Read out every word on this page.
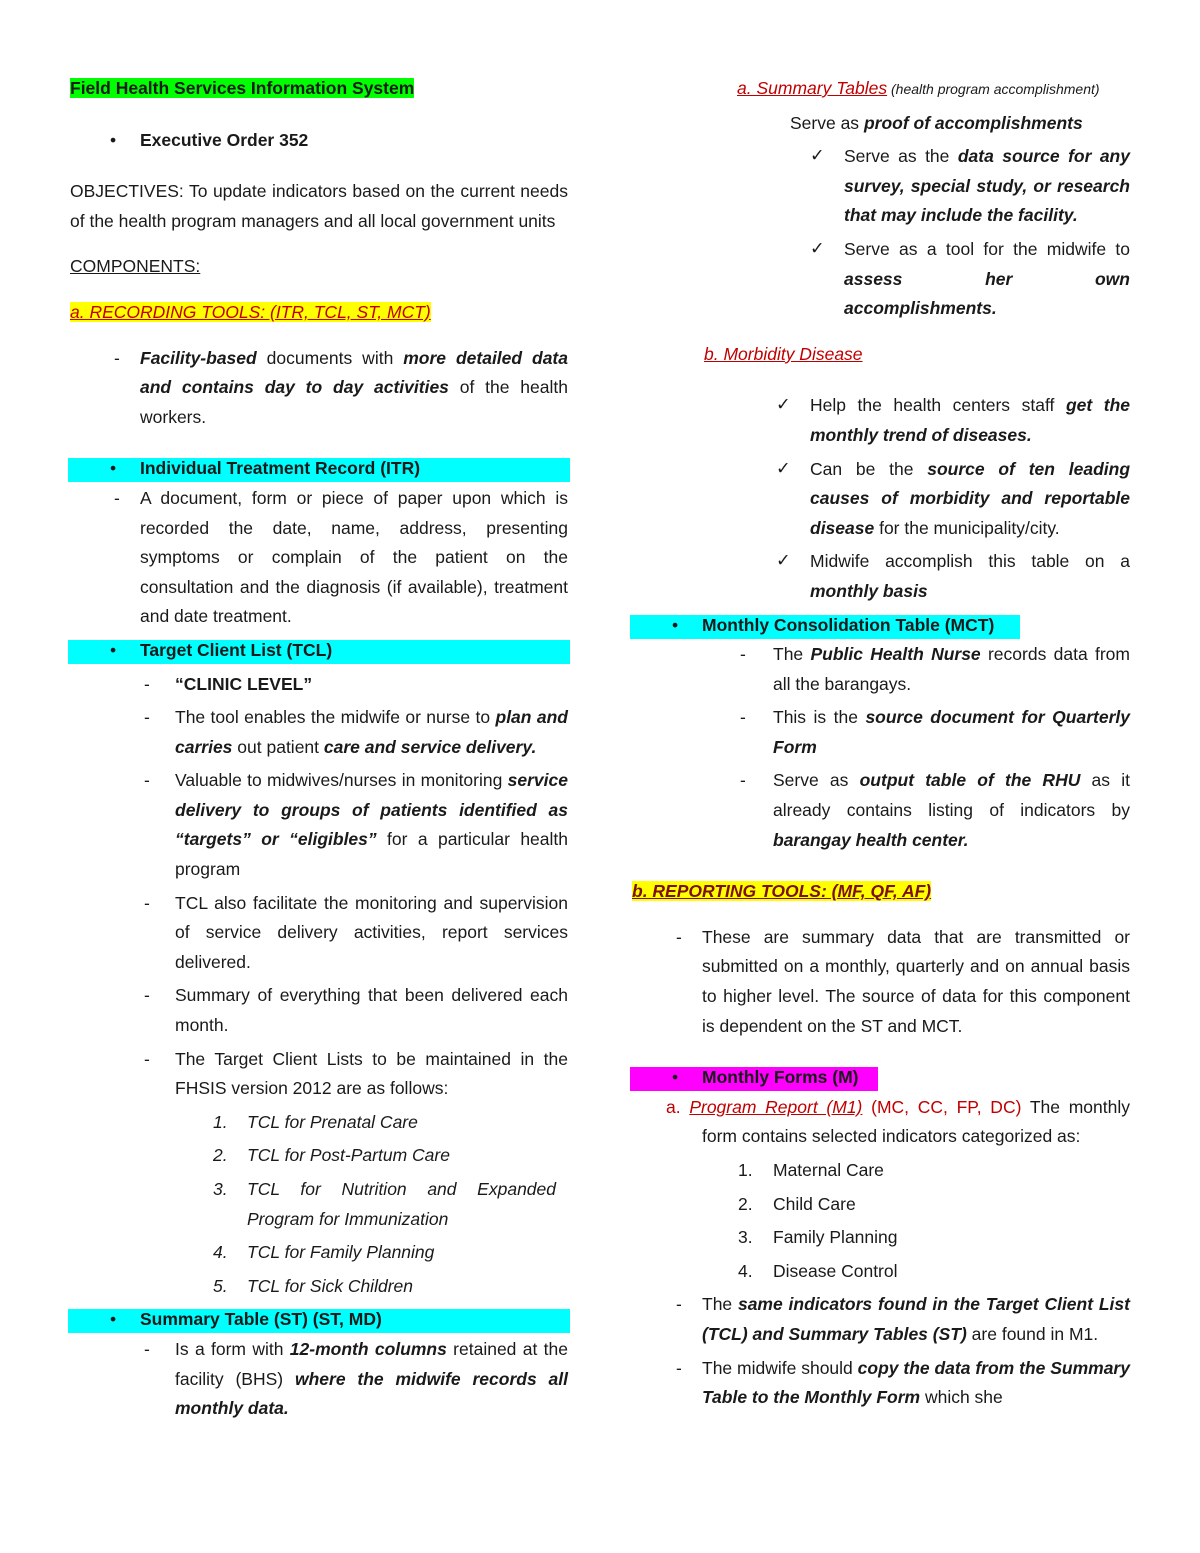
Field Health Services Information System
• Executive Order 352
OBJECTIVES: To update indicators based on the current needs of the health program managers and all local government units
COMPONENTS:
a. RECORDING TOOLS: (ITR, TCL, ST, MCT)
- Facility-based documents with more detailed data and contains day to day activities of the health workers.
• Individual Treatment Record (ITR)
- A document, form or piece of paper upon which is recorded the date, name, address, presenting symptoms or complain of the patient on the consultation and the diagnosis (if available), treatment and date treatment.
• Target Client List (TCL)
- “CLINIC LEVEL”
- The tool enables the midwife or nurse to plan and carries out patient care and service delivery.
- Valuable to midwives/nurses in monitoring service delivery to groups of patients identified as “targets” or “eligibles” for a particular health program
- TCL also facilitate the monitoring and supervision of service delivery activities, report services delivered.
- Summary of everything that been delivered each month.
- The Target Client Lists to be maintained in the FHSIS version 2012 are as follows:
1. TCL for Prenatal Care
2. TCL for Post-Partum Care
3. TCL for Nutrition and Expanded Program for Immunization
4. TCL for Family Planning
5. TCL for Sick Children
• Summary Table (ST) (ST, MD)
- Is a form with 12-month columns retained at the facility (BHS) where the midwife records all monthly data.
a. Summary Tables (health program accomplishment)
Serve as proof of accomplishments
✓ Serve as the data source for any survey, special study, or research that may include the facility.
✓ Serve as a tool for the midwife to assess her own accomplishments.
b. Morbidity Disease
✓ Help the health centers staff get the monthly trend of diseases.
✓ Can be the source of ten leading causes of morbidity and reportable disease for the municipality/city.
✓ Midwife accomplish this table on a monthly basis
• Monthly Consolidation Table (MCT)
- The Public Health Nurse records data from all the barangays.
- This is the source document for Quarterly Form
- Serve as output table of the RHU as it already contains listing of indicators by barangay health center.
b. REPORTING TOOLS: (MF, QF, AF)
- These are summary data that are transmitted or submitted on a monthly, quarterly and on annual basis to higher level. The source of data for this component is dependent on the ST and MCT.
• Monthly Forms (M)
a. Program Report (M1) (MC, CC, FP, DC) The monthly form contains selected indicators categorized as:
1. Maternal Care
2. Child Care
3. Family Planning
4. Disease Control
- The same indicators found in the Target Client List (TCL) and Summary Tables (ST) are found in M1.
- The midwife should copy the data from the Summary Table to the Monthly Form which she
